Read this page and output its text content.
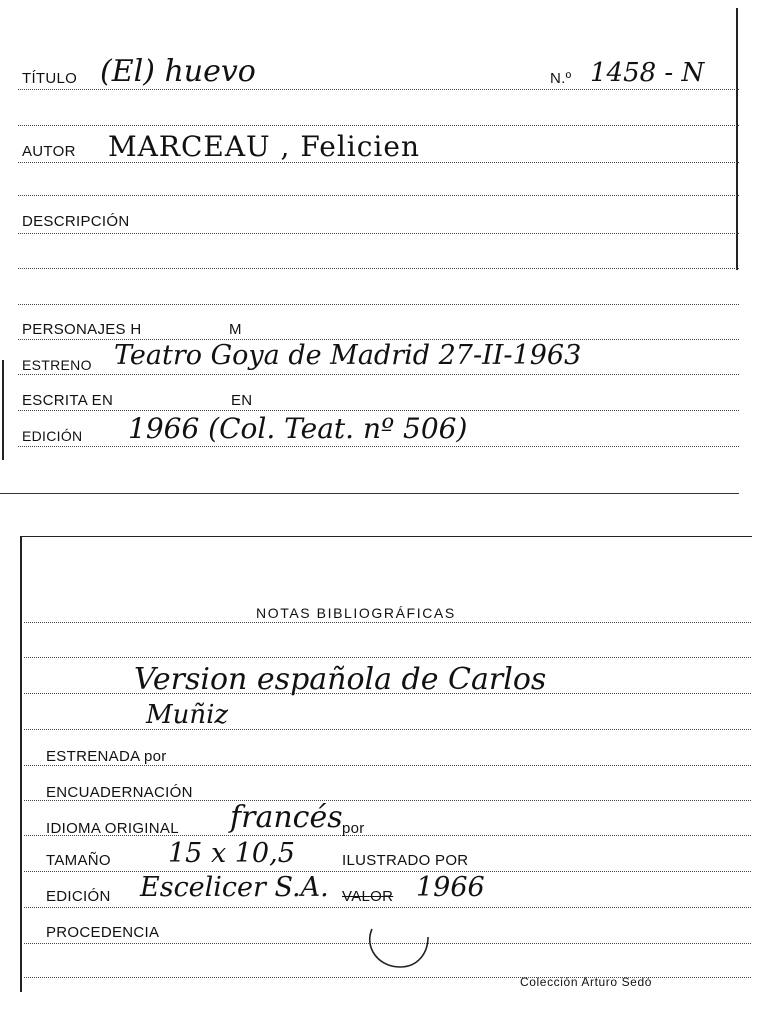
TÍTULO (El) huevo	N.º 1458 - N
AUTOR MARCEAU , Felicien
DESCRIPCIÓN
PERSONAJES H	M
ESTRENO Teatro Goya de Madrid 27-II-1963
ESCRITA EN	EN
EDICIÓN 1966 (Col. Teat. nº 506)
NOTAS BIBLIOGRÁFICAS
Version española de Carlos
Muñiz
ESTRENADA por
ENCUADERNACIÓN
IDIOMA ORIGINAL francés por
TAMAÑO 15 x 10,5	ILUSTRADO POR
EDICIÓN Escelicer S.A. VALOR 1966
PROCEDENCIA
Colección Arturo Sedó
